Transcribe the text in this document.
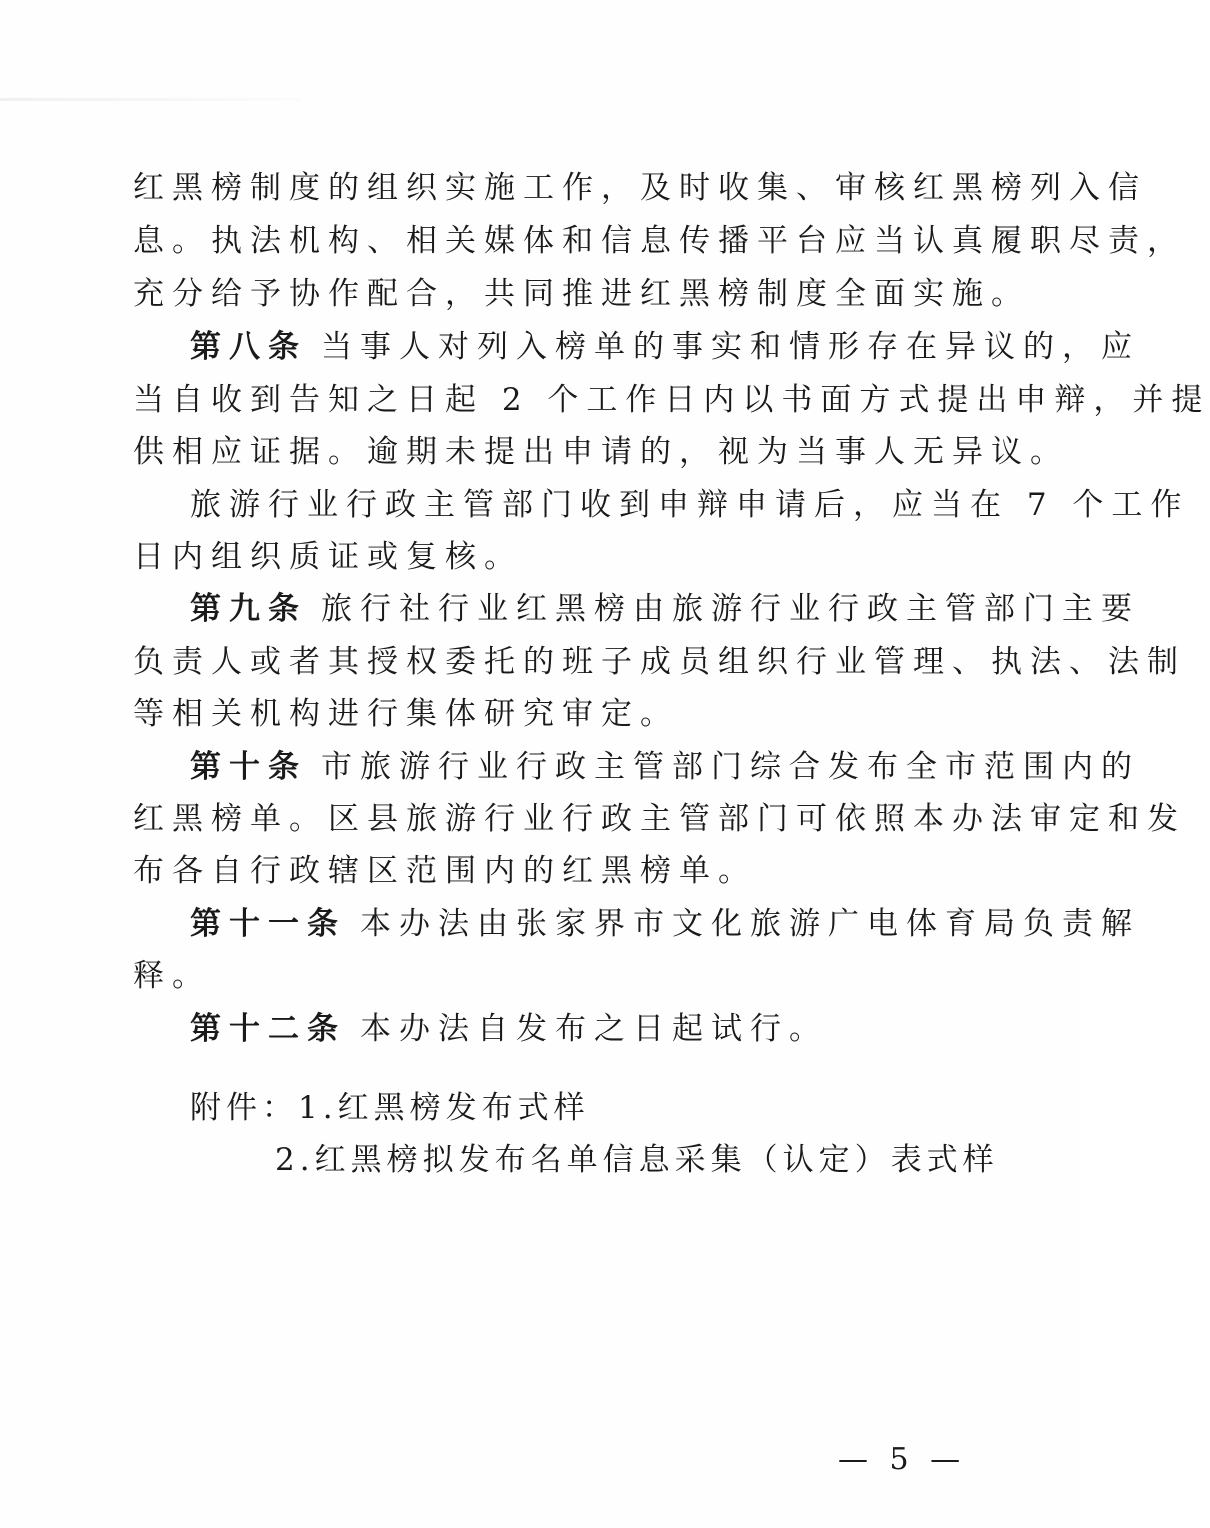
红黑榜制度的组织实施工作，及时收集、审核红黑榜列入信
息。执法机构、相关媒体和信息传播平台应当认真履职尽责，
充分给予协作配合，共同推进红黑榜制度全面实施。
第八条 当事人对列入榜单的事实和情形存在异议的，应
当自收到告知之日起 2 个工作日内以书面方式提出申辩，并提
供相应证据。逾期未提出申请的，视为当事人无异议。
旅游行业行政主管部门收到申辩申请后，应当在 7 个工作
日内组织质证或复核。
第九条 旅行社行业红黑榜由旅游行业行政主管部门主要
负责人或者其授权委托的班子成员组织行业管理、执法、法制
等相关机构进行集体研究审定。
第十条 市旅游行业行政主管部门综合发布全市范围内的
红黑榜单。区县旅游行业行政主管部门可依照本办法审定和发
布各自行政辖区范围内的红黑榜单。
第十一条 本办法由张家界市文化旅游广电体育局负责解
释。
第十二条 本办法自发布之日起试行。
附件：1.红黑榜发布式样
2.红黑榜拟发布名单信息采集（认定）表式样
— 5 —
